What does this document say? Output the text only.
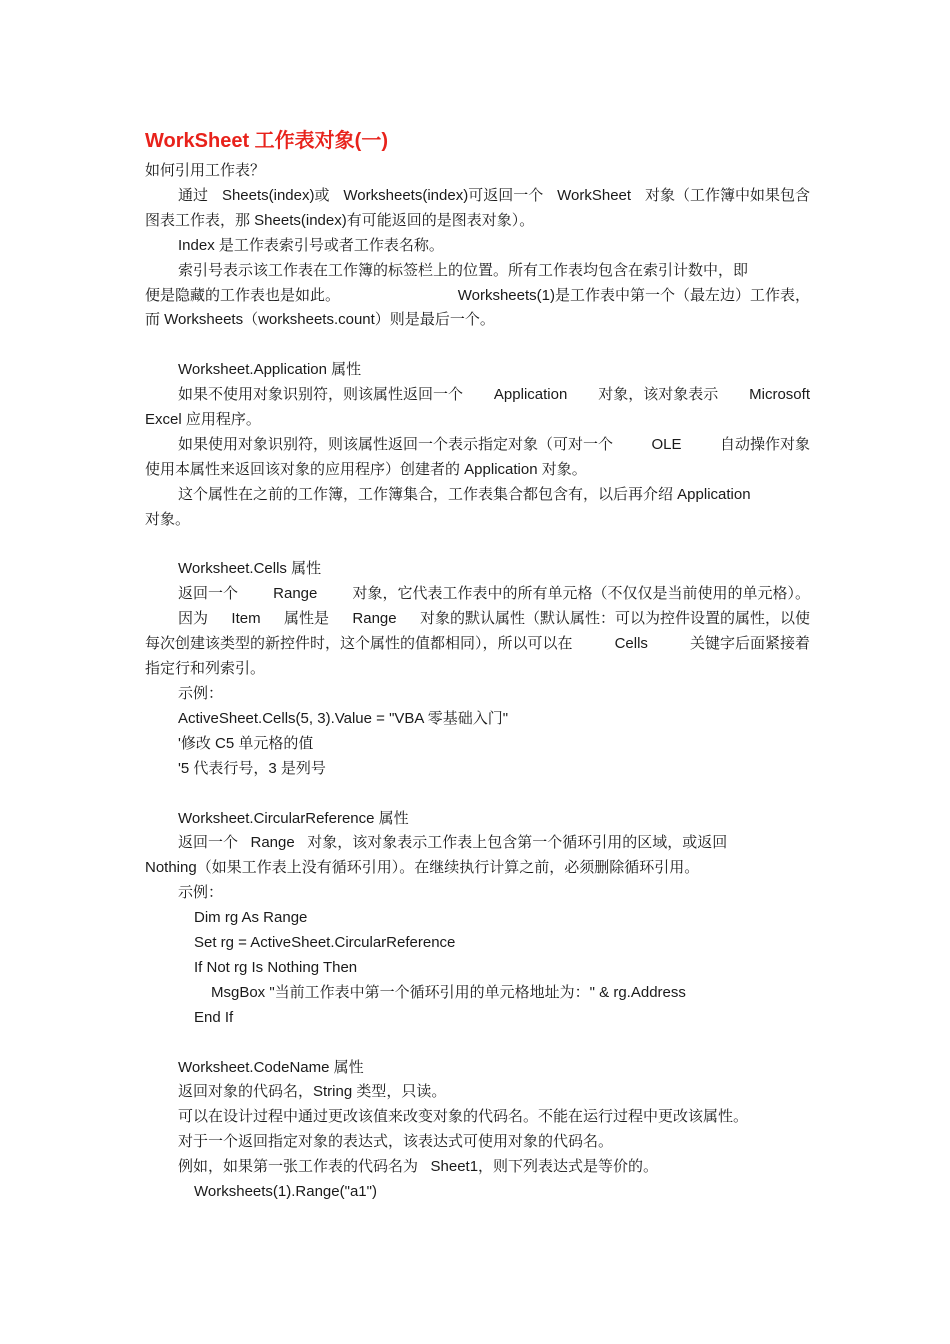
WorkSheet 工作表对象(一)

如何引用工作表？

通过 Sheets(index)或 Worksheets(index)可返回一个 WorkSheet 对象（工作簿中如果包含

图表工作表，那 Sheets(index)有可能返回的是图表对象）。

Index 是工作表索引号或者工作表名称。

索引号表示该工作表在工作簿的标签栏上的位置。所有工作表均包含在索引计数中，即

便是隐藏的工作表也是如此。	Worksheets(1)是工作表中第一个（最左边）工作表，

而 Worksheets（worksheets.count）则是最后一个。

Worksheet.Application 属性

如果不使用对象识别符，则该属性返回一个 Application 对象，该对象表示 Microsoft

Excel 应用程序。

如果使用对象识别符，则该属性返回一个表示指定对象（可对一个	OLE	自动操作对象

使用本属性来返回该对象的应用程序）创建者的 Application 对象。

这个属性在之前的工作簿，工作簿集合，工作表集合都包含有，以后再介绍 Application

对象。

Worksheet.Cells 属性

返回一个 Range 对象，它代表工作表中的所有单元格（不仅仅是当前使用的单元格）。

因为 Item 属性是 Range 对象的默认属性（默认属性：可以为控件设置的属性，以使

每次创建该类型的新控件时，这个属性的值都相同），所以可以在	Cells	关键字后面紧接着

指定行和列索引。

示例：

ActiveSheet.Cells(5, 3).Value = "VBA 零基础入门"

'修改 C5 单元格的值

'5 代表行号，3 是列号

Worksheet.CircularReference 属性

返回一个   Range   对象，该对象表示工作表上包含第一个循环引用的区域，或返回

Nothing（如果工作表上没有循环引用）。在继续执行计算之前，必须删除循环引用。

示例：

Dim rg As Range

Set rg = ActiveSheet.CircularReference

If Not rg Is Nothing Then

MsgBox "当前工作表中第一个循环引用的单元格地址为：" & rg.Address

End If

Worksheet.CodeName 属性

返回对象的代码名，String 类型，只读。

可以在设计过程中通过更改该值来改变对象的代码名。不能在运行过程中更改该属性。

对于一个返回指定对象的表达式，该表达式可使用对象的代码名。

例如，如果第一张工作表的代码名为   Sheet1，则下列表达式是等价的。

Worksheets(1).Range("a1")
